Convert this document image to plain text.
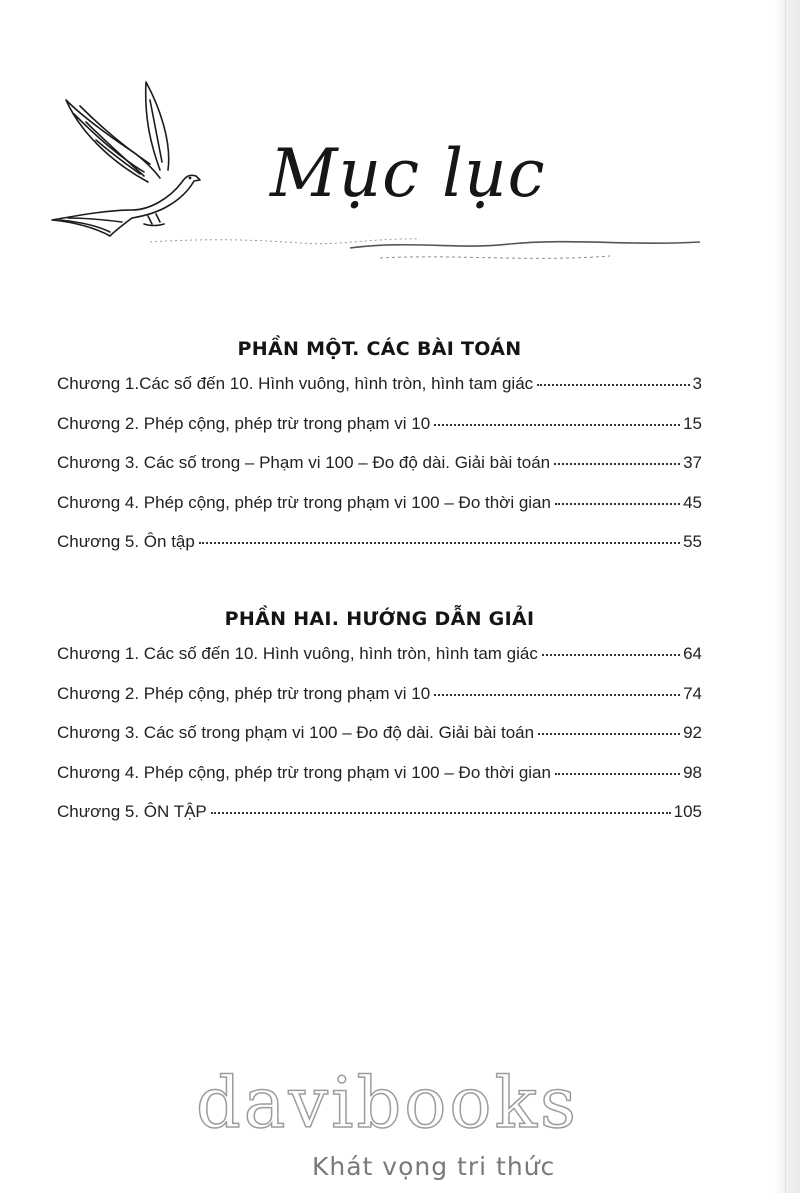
Mục lục
PHẦN MỘT. CÁC BÀI TOÁN
Chương 1.Các số đến 10. Hình vuông, hình tròn, hình tam giác	3
Chương 2. Phép cộng, phép trừ trong phạm vi 10	15
Chương 3. Các số trong – Phạm vi 100 – Đo độ dài. Giải bài toán	37
Chương 4. Phép cộng, phép trừ trong phạm vi 100 – Đo thời gian	45
Chương 5. Ôn tập	55
PHẦN HAI. HƯỚNG DẪN GIẢI
Chương 1. Các số đến 10. Hình vuông, hình tròn, hình tam giác	64
Chương 2. Phép cộng, phép trừ trong phạm vi 10	74
Chương 3. Các số trong phạm vi 100 – Đo độ dài. Giải bài toán	92
Chương 4. Phép cộng, phép trừ trong phạm vi 100 – Đo thời gian	98
Chương 5. ÔN TẬP	105

davibooks

Khát vọng tri thức
